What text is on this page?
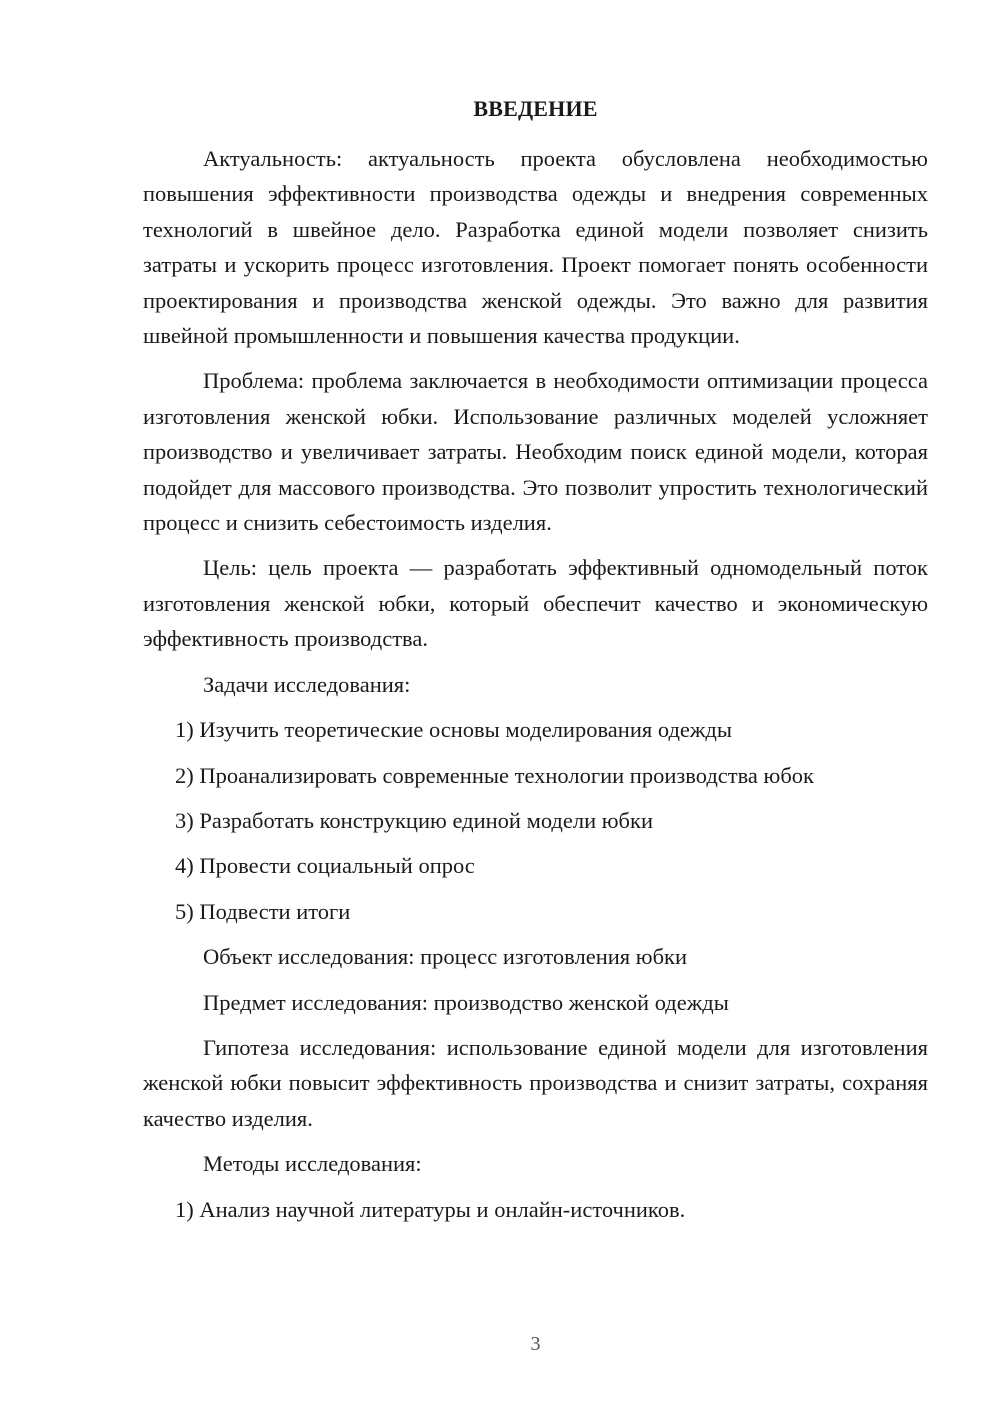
ВВЕДЕНИЕ

Актуальность: актуальность проекта обусловлена необходимостью повышения эффективности производства одежды и внедрения современных технологий в швейное дело. Разработка единой модели позволяет снизить затраты и ускорить процесс изготовления. Проект помогает понять особенности проектирования и производства женской одежды. Это важно для развития швейной промышленности и повышения качества продукции.

Проблема: проблема заключается в необходимости оптимизации процесса изготовления женской юбки. Использование различных моделей усложняет производство и увеличивает затраты. Необходим поиск единой модели, которая подойдет для массового производства. Это позволит упростить технологический процесс и снизить себестоимость изделия.

Цель: цель проекта — разработать эффективный одномодельный поток изготовления женской юбки, который обеспечит качество и экономическую эффективность производства.

Задачи исследования:

1) Изучить теоретические основы моделирования одежды

2) Проанализировать современные технологии производства юбок

3) Разработать конструкцию единой модели юбки

4) Провести социальный опрос

5) Подвести итоги

Объект исследования: процесс изготовления юбки

Предмет исследования: производство женской одежды

Гипотеза исследования: использование единой модели для изготовления женской юбки повысит эффективность производства и снизит затраты, сохраняя качество изделия.

Методы исследования:

1) Анализ научной литературы и онлайн-источников.

3
